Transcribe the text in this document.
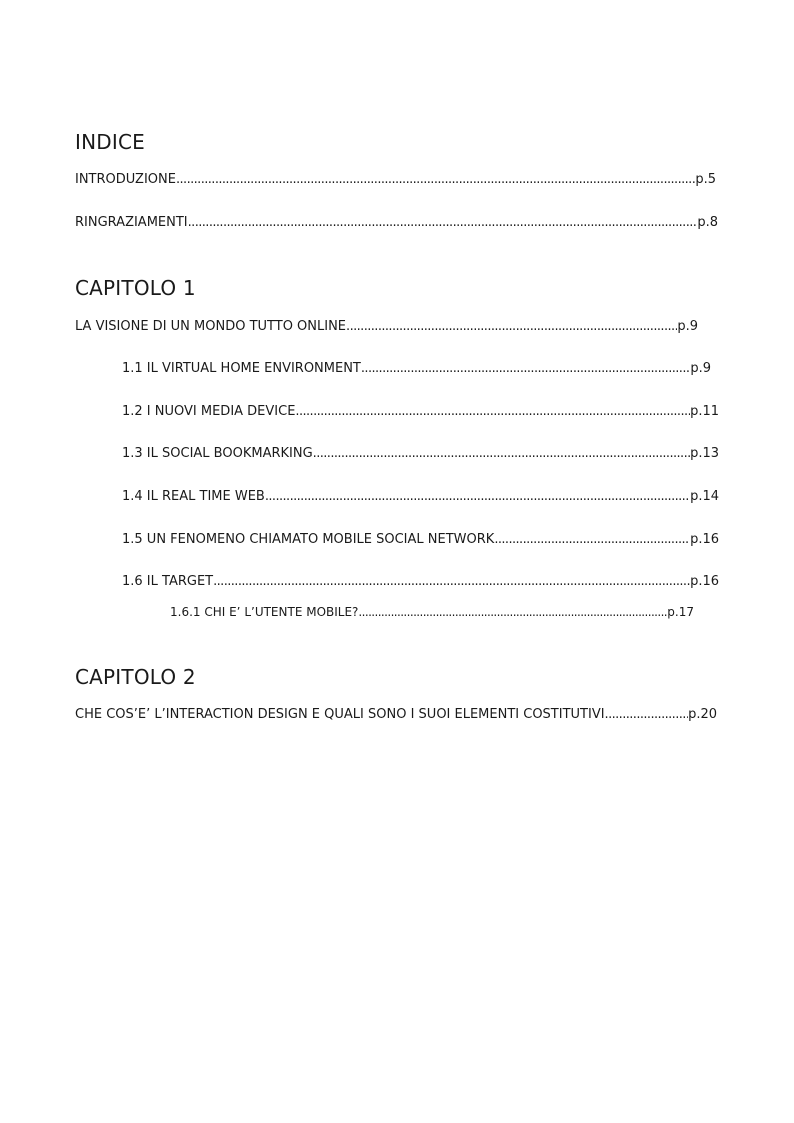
INDICE
INTRODUZIONE .....	p.5
RINGRAZIAMENTI .....	p.8
CAPITOLO 1
LA VISIONE DI UN MONDO TUTTO ONLINE .....	p.9
1.1 IL VIRTUAL HOME ENVIRONMENT .....	p.9
1.2 I NUOVI MEDIA DEVICE .....	p.11
1.3 IL SOCIAL BOOKMARKING .....	p.13
1.4 IL REAL TIME WEB .....	p.14
1.5 UN FENOMENO CHIAMATO MOBILE SOCIAL NETWORK .....	p.16
1.6 IL TARGET .....	p.16
1.6.1 CHI E’ L’UTENTE MOBILE? .....	p.17
CAPITOLO 2
CHE COS’E’ L’INTERACTION DESIGN E QUALI SONO I SUOI ELEMENTI COSTITUTIVI .....	p.20
